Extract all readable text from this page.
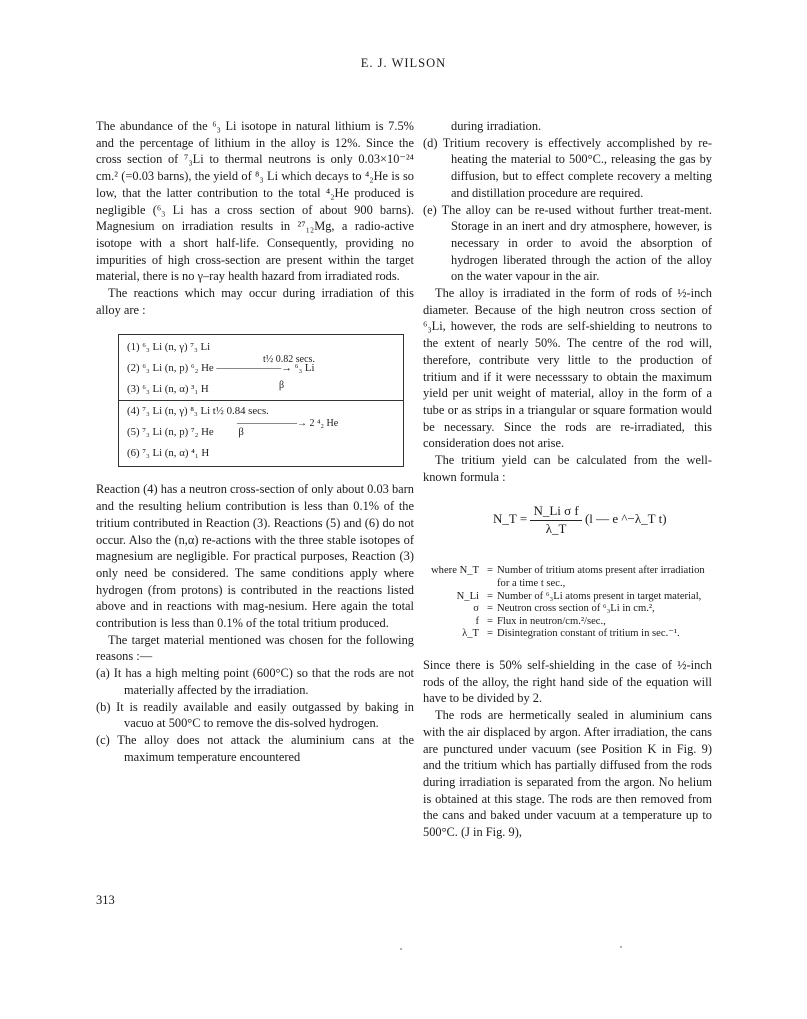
E. J. WILSON

The abundance of the ⁶₃ Li isotope in natural lithium is 7.5% and the percentage of lithium in the alloy is 12%. Since the cross section of ⁷₃Li to thermal neutrons is only 0.03×10⁻²⁴ cm.² (=0.03 barns), the yield of ⁸₃ Li which decays to ⁴₂He is so low, that the latter contribution to the total ⁴₂He produced is negligible (⁶₃ Li has a cross section of about 900 barns). Magnesium on irradiation results in ²⁷₁₂Mg, a radio-active isotope with a short half-life. Consequently, providing no impurities of high cross-section are present within the target material, there is no γ–ray health hazard from irradiated rods.

The reactions which may occur during irradiation of this alloy are :

(1) ⁶₃ Li (n, γ) ⁷₃ Li
(2) ⁶₃ Li (n, p) ⁶₂ He ——————→ ⁶₃ Li
t½ 0.82 secs.
β
(3) ⁶₃ Li (n, α) ³₁ H
(4) ⁷₃ Li (n, γ) ⁸₃ Li t½ 0.84 secs.
——————→ 2 ⁴₂ He
(5) ⁷₃ Li (n, p) ⁷₂ He β
(6) ⁷₃ Li (n, α) ⁴₁ H

Reaction (4) has a neutron cross-section of only about 0.03 barn and the resulting helium contribution is less than 0.1% of the tritium contributed in Reaction (3). Reactions (5) and (6) do not occur. Also the (n,α) re-actions with the three stable isotopes of magnesium are negligible. For practical purposes, Reaction (3) only need be considered. The same conditions apply where hydrogen (from protons) is contributed in the reactions listed above and in reactions with mag-nesium. Here again the total contribution is less than 0.1% of the total tritium produced.

The target material mentioned was chosen for the following reasons :—

(a) It has a high melting point (600°C) so that the rods are not materially affected by the irradiation.

(b) It is readily available and easily outgassed by baking in vacuo at 500°C to remove the dis-solved hydrogen.

(c) The alloy does not attack the aluminium cans at the maximum temperature encountered

during irradiation.

(d) Tritium recovery is effectively accomplished by re-heating the material to 500°C., releasing the gas by diffusion, but to effect complete recovery a melting and distillation procedure are required.

(e) The alloy can be re-used without further treat-ment. Storage in an inert and dry atmosphere, however, is necessary in order to avoid the absorption of hydrogen liberated through the action of the alloy on the water vapour in the air.

The alloy is irradiated in the form of rods of ½-inch diameter. Because of the high neutron cross section of ⁶₃Li, however, the rods are self-shielding to neutrons to the extent of nearly 50%. The centre of the rod will, therefore, contribute very little to the production of tritium and if it were necesssary to obtain the maximum yield per unit weight of material, alloy in the form of a tube or as strips in a triangular or square formation would be necessary. Since the rods are re-irradiated, this consideration does not arise.

The tritium yield can be calculated from the well-known formula :

N_T = $\frac{\text{N\_Li σ f}}{\lambda\_T} (l$ — e ^−λ_T t)
where N_T = Number of tritium atoms present after irradiation for a time t sec.,
N_Li = Number of ⁶₃Li atoms present in target material,
σ = Neutron cross section of ⁶₃Li in cm.²,
f = Flux in neutron/cm.²/sec.,
λ_T = Disintegration constant of tritium in sec.⁻¹.

Since there is 50% self-shielding in the case of ½-inch rods of the alloy, the right hand side of the equation will have to be divided by 2.

The rods are hermetically sealed in aluminium cans with the air displaced by argon. After irradiation, the cans are punctured under vacuum (see Position K in Fig. 9) and the tritium which has partially diffused from the rods during irradiation is separated from the argon. No helium is obtained at this stage. The rods are then removed from the cans and baked under vacuum at a temperature up to 500°C. (J in Fig. 9),

313
